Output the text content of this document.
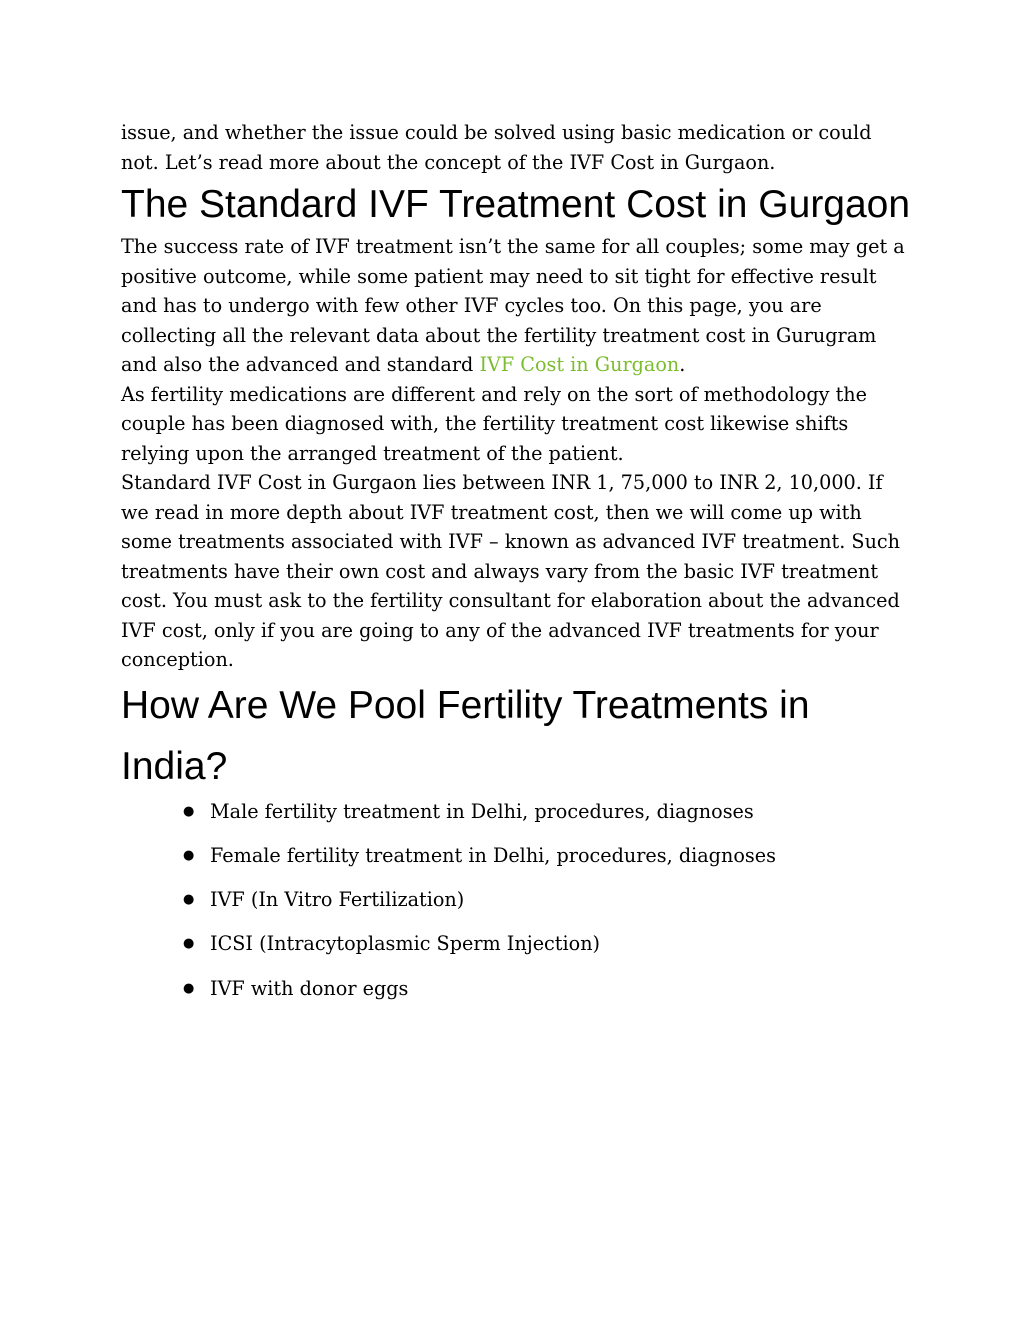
issue, and whether the issue could be solved using basic medication or could not. Let’s read more about the concept of the IVF Cost in Gurgaon.

The Standard IVF Treatment Cost in Gurgaon

The success rate of IVF treatment isn’t the same for all couples; some may get a positive outcome, while some patient may need to sit tight for effective result and has to undergo with few other IVF cycles too. On this page, you are collecting all the relevant data about the fertility treatment cost in Gurugram and also the advanced and standard IVF Cost in Gurgaon.

As fertility medications are different and rely on the sort of methodology the couple has been diagnosed with, the fertility treatment cost likewise shifts relying upon the arranged treatment of the patient.

Standard IVF Cost in Gurgaon lies between INR 1, 75,000 to INR 2, 10,000. If we read in more depth about IVF treatment cost, then we will come up with some treatments associated with IVF – known as advanced IVF treatment. Such treatments have their own cost and always vary from the basic IVF treatment cost. You must ask to the fertility consultant for elaboration about the advanced IVF cost, only if you are going to any of the advanced IVF treatments for your conception.

How Are We Pool Fertility Treatments in India?
● Male fertility treatment in Delhi, procedures, diagnoses
● Female fertility treatment in Delhi, procedures, diagnoses
● IVF (In Vitro Fertilization)
● ICSI (Intracytoplasmic Sperm Injection)
● IVF with donor eggs
